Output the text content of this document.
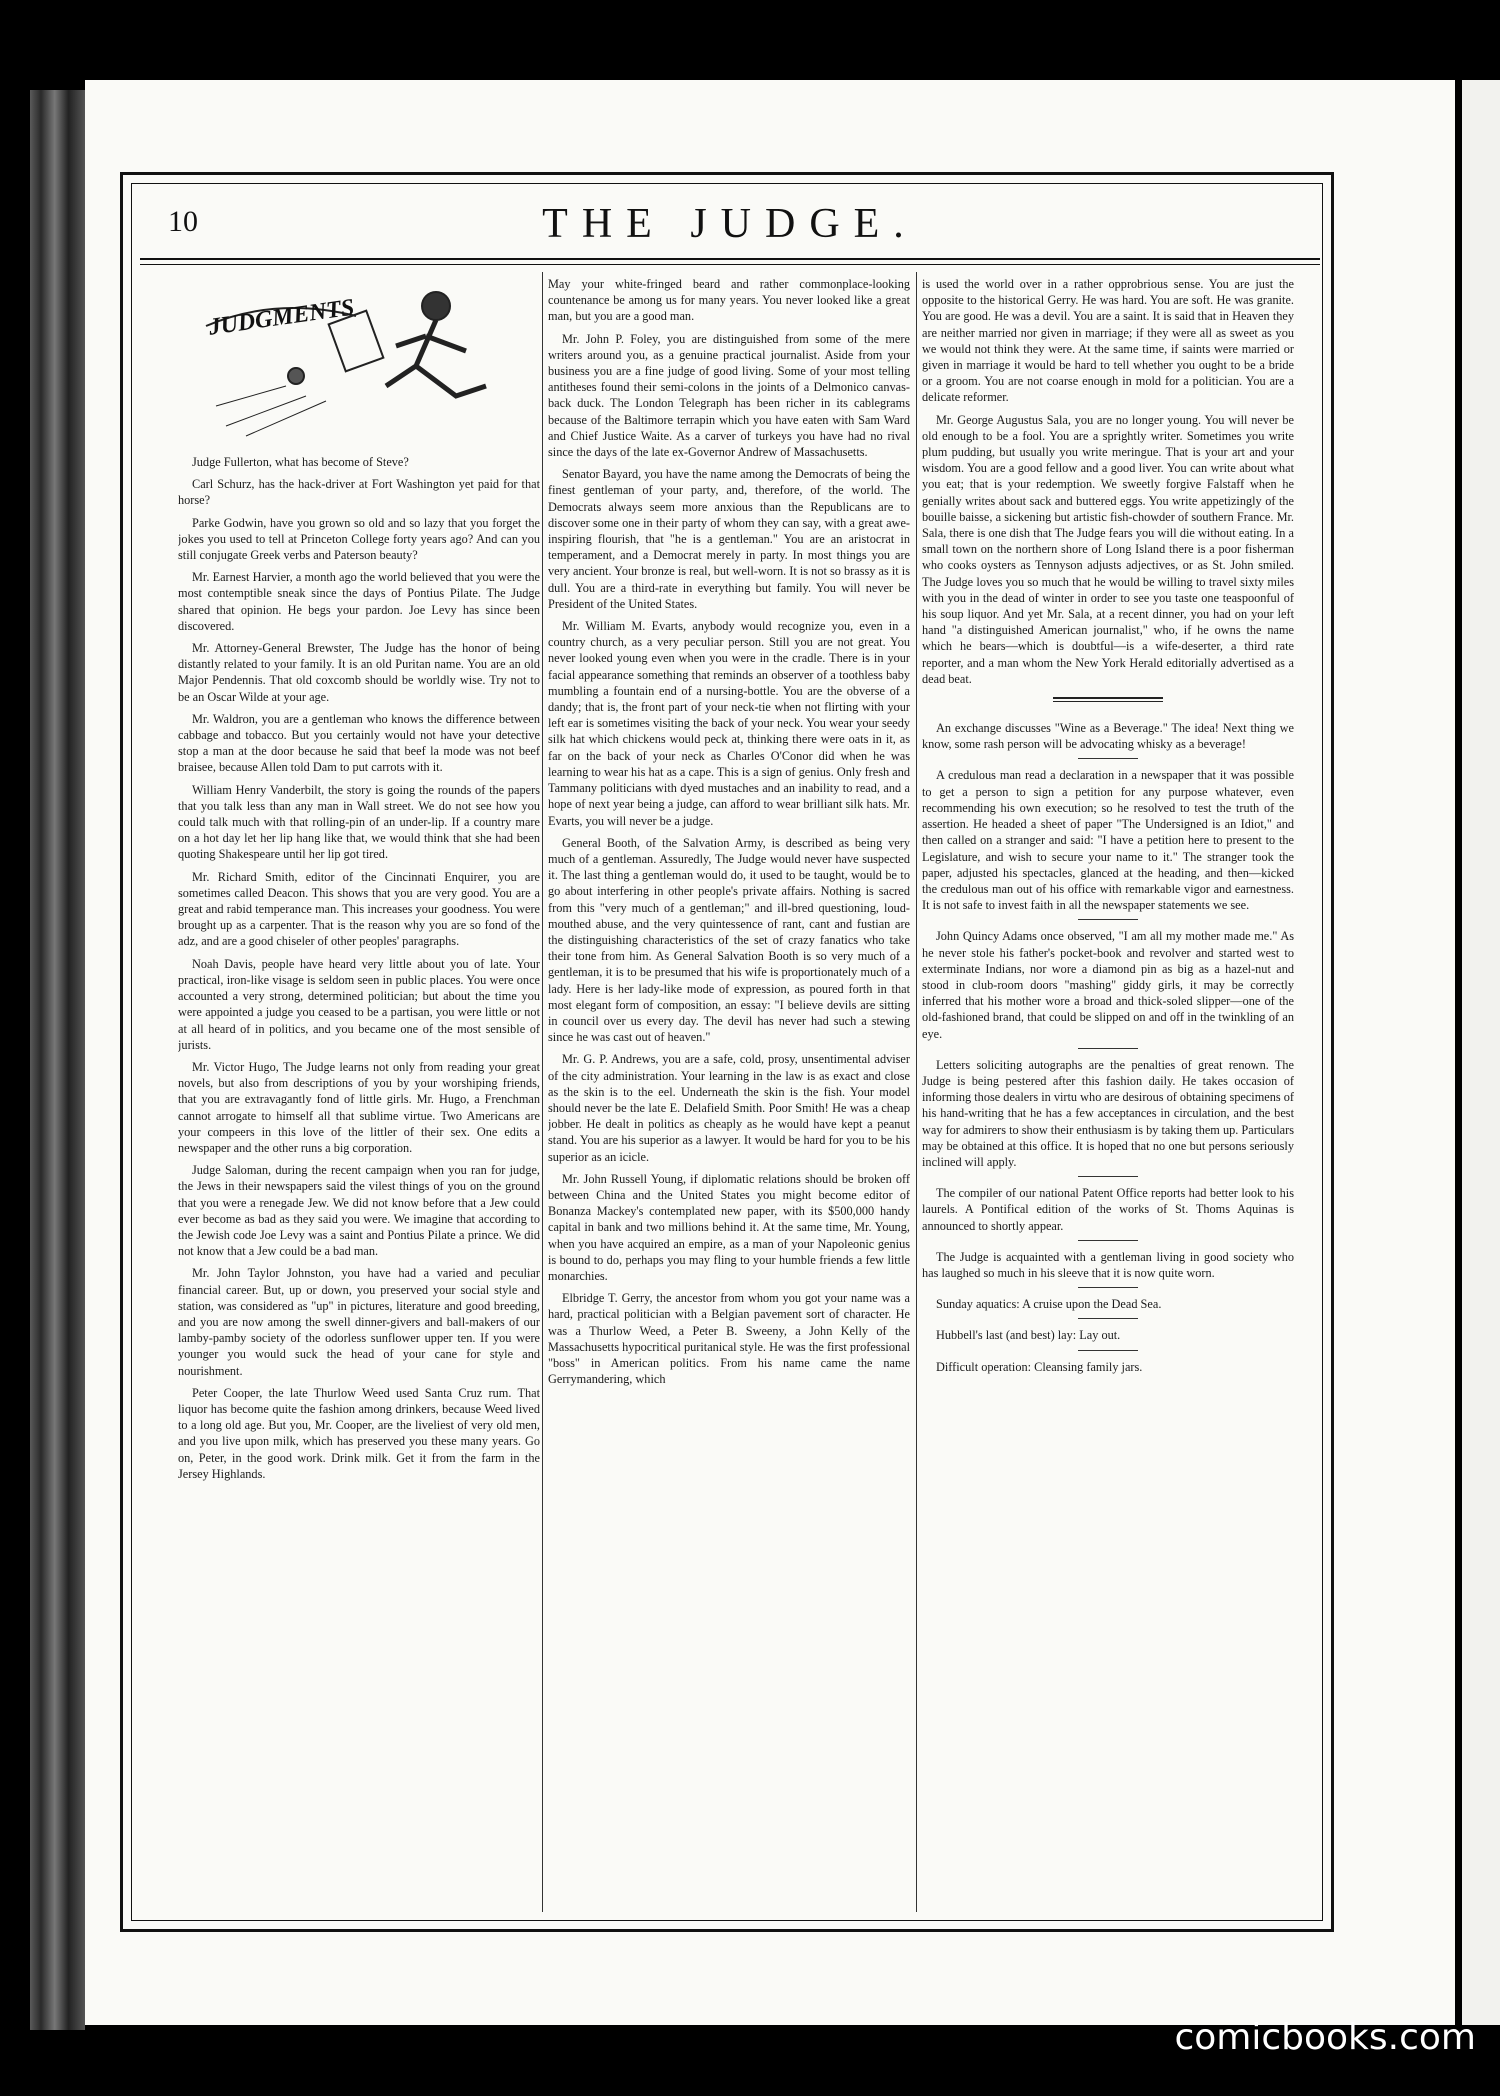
10	THE JUDGE.
JUDGMENTS

Judge Fullerton, what has become of Steve?

Carl Schurz, has the hack-driver at Fort Washington yet paid for that horse?

Parke Godwin, have you grown so old and so lazy that you forget the jokes you used to tell at Princeton College forty years ago? And can you still conjugate Greek verbs and Paterson beauty?

Mr. Earnest Harvier, a month ago the world believed that you were the most contemptible sneak since the days of Pontius Pilate. The Judge shared that opinion. He begs your pardon. Joe Levy has since been discovered.

Mr. Attorney-General Brewster, The Judge has the honor of being distantly related to your family. It is an old Puritan name. You are an old Major Pendennis. That old coxcomb should be worldly wise. Try not to be an Oscar Wilde at your age.

Mr. Waldron, you are a gentleman who knows the difference between cabbage and tobacco. But you certainly would not have your detective stop a man at the door because he said that beef la mode was not beef braisee, because Allen told Dam to put carrots with it.

William Henry Vanderbilt, the story is going the rounds of the papers that you talk less than any man in Wall street. We do not see how you could talk much with that rolling-pin of an under-lip. If a country mare on a hot day let her lip hang like that, we would think that she had been quoting Shakespeare until her lip got tired.

Mr. Richard Smith, editor of the Cincinnati Enquirer, you are sometimes called Deacon. This shows that you are very good. You are a great and rabid temperance man. This increases your goodness. You were brought up as a carpenter. That is the reason why you are so fond of the adz, and are a good chiseler of other peoples' paragraphs.

Noah Davis, people have heard very little about you of late. Your practical, iron-like visage is seldom seen in public places. You were once accounted a very strong, determined politician; but about the time you were appointed a judge you ceased to be a partisan, you were little or not at all heard of in politics, and you became one of the most sensible of jurists.

Mr. Victor Hugo, The Judge learns not only from reading your great novels, but also from descriptions of you by your worshiping friends, that you are extravagantly fond of little girls. Mr. Hugo, a Frenchman cannot arrogate to himself all that sublime virtue. Two Americans are your compeers in this love of the littler of their sex. One edits a newspaper and the other runs a big corporation.

Judge Saloman, during the recent campaign when you ran for judge, the Jews in their newspapers said the vilest things of you on the ground that you were a renegade Jew. We did not know before that a Jew could ever become as bad as they said you were. We imagine that according to the Jewish code Joe Levy was a saint and Pontius Pilate a prince. We did not know that a Jew could be a bad man.

Mr. John Taylor Johnston, you have had a varied and peculiar financial career. But, up or down, you preserved your social style and station, was considered as "up" in pictures, literature and good breeding, and you are now among the swell dinner-givers and ball-makers of our lamby-pamby society of the odorless sunflower upper ten. If you were younger you would suck the head of your cane for style and nourishment.

Peter Cooper, the late Thurlow Weed used Santa Cruz rum. That liquor has become quite the fashion among drinkers, because Weed lived to a long old age. But you, Mr. Cooper, are the liveliest of very old men, and you live upon milk, which has preserved you these many years. Go on, Peter, in the good work. Drink milk. Get it from the farm in the Jersey Highlands.

May your white-fringed beard and rather commonplace-looking countenance be among us for many years. You never looked like a great man, but you are a good man.

Mr. John P. Foley, you are distinguished from some of the mere writers around you, as a genuine practical journalist. Aside from your business you are a fine judge of good living. Some of your most telling antitheses found their semi-colons in the joints of a Delmonico canvas-back duck. The London Telegraph has been richer in its cablegrams because of the Baltimore terrapin which you have eaten with Sam Ward and Chief Justice Waite. As a carver of turkeys you have had no rival since the days of the late ex-Governor Andrew of Massachusetts.

Senator Bayard, you have the name among the Democrats of being the finest gentleman of your party, and, therefore, of the world. The Democrats always seem more anxious than the Republicans are to discover some one in their party of whom they can say, with a great awe-inspiring flourish, that "he is a gentleman." You are an aristocrat in temperament, and a Democrat merely in party. In most things you are very ancient. Your bronze is real, but well-worn. It is not so brassy as it is dull. You are a third-rate in everything but family. You will never be President of the United States.

Mr. William M. Evarts, anybody would recognize you, even in a country church, as a very peculiar person. Still you are not great. You never looked young even when you were in the cradle. There is in your facial appearance something that reminds an observer of a toothless baby mumbling a fountain end of a nursing-bottle. You are the obverse of a dandy; that is, the front part of your neck-tie when not flirting with your left ear is sometimes visiting the back of your neck. You wear your seedy silk hat which chickens would peck at, thinking there were oats in it, as far on the back of your neck as Charles O'Conor did when he was learning to wear his hat as a cape. This is a sign of genius. Only fresh and Tammany politicians with dyed mustaches and an inability to read, and a hope of next year being a judge, can afford to wear brilliant silk hats. Mr. Evarts, you will never be a judge.

General Booth, of the Salvation Army, is described as being very much of a gentleman. Assuredly, The Judge would never have suspected it. The last thing a gentleman would do, it used to be taught, would be to go about interfering in other people's private affairs. Nothing is sacred from this "very much of a gentleman;" and ill-bred questioning, loud-mouthed abuse, and the very quintessence of rant, cant and fustian are the distinguishing characteristics of the set of crazy fanatics who take their tone from him. As General Salvation Booth is so very much of a gentleman, it is to be presumed that his wife is proportionately much of a lady. Here is her lady-like mode of expression, as poured forth in that most elegant form of composition, an essay: "I believe devils are sitting in council over us every day. The devil has never had such a stewing since he was cast out of heaven."

Mr. G. P. Andrews, you are a safe, cold, prosy, unsentimental adviser of the city administration. Your learning in the law is as exact and close as the skin is to the eel. Underneath the skin is the fish. Your model should never be the late E. Delafield Smith. Poor Smith! He was a cheap jobber. He dealt in politics as cheaply as he would have kept a peanut stand. You are his superior as a lawyer. It would be hard for you to be his superior as an icicle.

Mr. John Russell Young, if diplomatic relations should be broken off between China and the United States you might become editor of Bonanza Mackey's contemplated new paper, with its $500,000 handy capital in bank and two millions behind it. At the same time, Mr. Young, when you have acquired an empire, as a man of your Napoleonic genius is bound to do, perhaps you may fling to your humble friends a few little monarchies.

Elbridge T. Gerry, the ancestor from whom you got your name was a hard, practical politician with a Belgian pavement sort of character. He was a Thurlow Weed, a Peter B. Sweeny, a John Kelly of the Massachusetts hypocritical puritanical style. He was the first professional "boss" in American politics. From his name came the name Gerrymandering, which

is used the world over in a rather opprobrious sense. You are just the opposite to the historical Gerry. He was hard. You are soft. He was granite. You are good. He was a devil. You are a saint. It is said that in Heaven they are neither married nor given in marriage; if they were all as sweet as you we would not think they were. At the same time, if saints were married or given in marriage it would be hard to tell whether you ought to be a bride or a groom. You are not coarse enough in mold for a politician. You are a delicate reformer.

Mr. George Augustus Sala, you are no longer young. You will never be old enough to be a fool. You are a sprightly writer. Sometimes you write plum pudding, but usually you write meringue. That is your art and your wisdom. You are a good fellow and a good liver. You can write about what you eat; that is your redemption. We sweetly forgive Falstaff when he genially writes about sack and buttered eggs. You write appetizingly of the bouille baisse, a sickening but artistic fish-chowder of southern France. Mr. Sala, there is one dish that The Judge fears you will die without eating. In a small town on the northern shore of Long Island there is a poor fisherman who cooks oysters as Tennyson adjusts adjectives, or as St. John smiled. The Judge loves you so much that he would be willing to travel sixty miles with you in the dead of winter in order to see you taste one teaspoonful of his soup liquor. And yet Mr. Sala, at a recent dinner, you had on your left hand "a distinguished American journalist," who, if he owns the name which he bears—which is doubtful—is a wife-deserter, a third rate reporter, and a man whom the New York Herald editorially advertised as a dead beat.

An exchange discusses "Wine as a Beverage." The idea! Next thing we know, some rash person will be advocating whisky as a beverage!

A credulous man read a declaration in a newspaper that it was possible to get a person to sign a petition for any purpose whatever, even recommending his own execution; so he resolved to test the truth of the assertion. He headed a sheet of paper "The Undersigned is an Idiot," and then called on a stranger and said: "I have a petition here to present to the Legislature, and wish to secure your name to it." The stranger took the paper, adjusted his spectacles, glanced at the heading, and then—kicked the credulous man out of his office with remarkable vigor and earnestness. It is not safe to invest faith in all the newspaper statements we see.

John Quincy Adams once observed, "I am all my mother made me." As he never stole his father's pocket-book and revolver and started west to exterminate Indians, nor wore a diamond pin as big as a hazel-nut and stood in club-room doors "mashing" giddy girls, it may be correctly inferred that his mother wore a broad and thick-soled slipper—one of the old-fashioned brand, that could be slipped on and off in the twinkling of an eye.

Letters soliciting autographs are the penalties of great renown. The Judge is being pestered after this fashion daily. He takes occasion of informing those dealers in virtu who are desirous of obtaining specimens of his hand-writing that he has a few acceptances in circulation, and the best way for admirers to show their enthusiasm is by taking them up. Particulars may be obtained at this office. It is hoped that no one but persons seriously inclined will apply.

The compiler of our national Patent Office reports had better look to his laurels. A Pontifical edition of the works of St. Thoms Aquinas is announced to shortly appear.

The Judge is acquainted with a gentleman living in good society who has laughed so much in his sleeve that it is now quite worn.

Sunday aquatics: A cruise upon the Dead Sea.

Hubbell's last (and best) lay: Lay out.

Difficult operation: Cleansing family jars.

comicbooks.com
